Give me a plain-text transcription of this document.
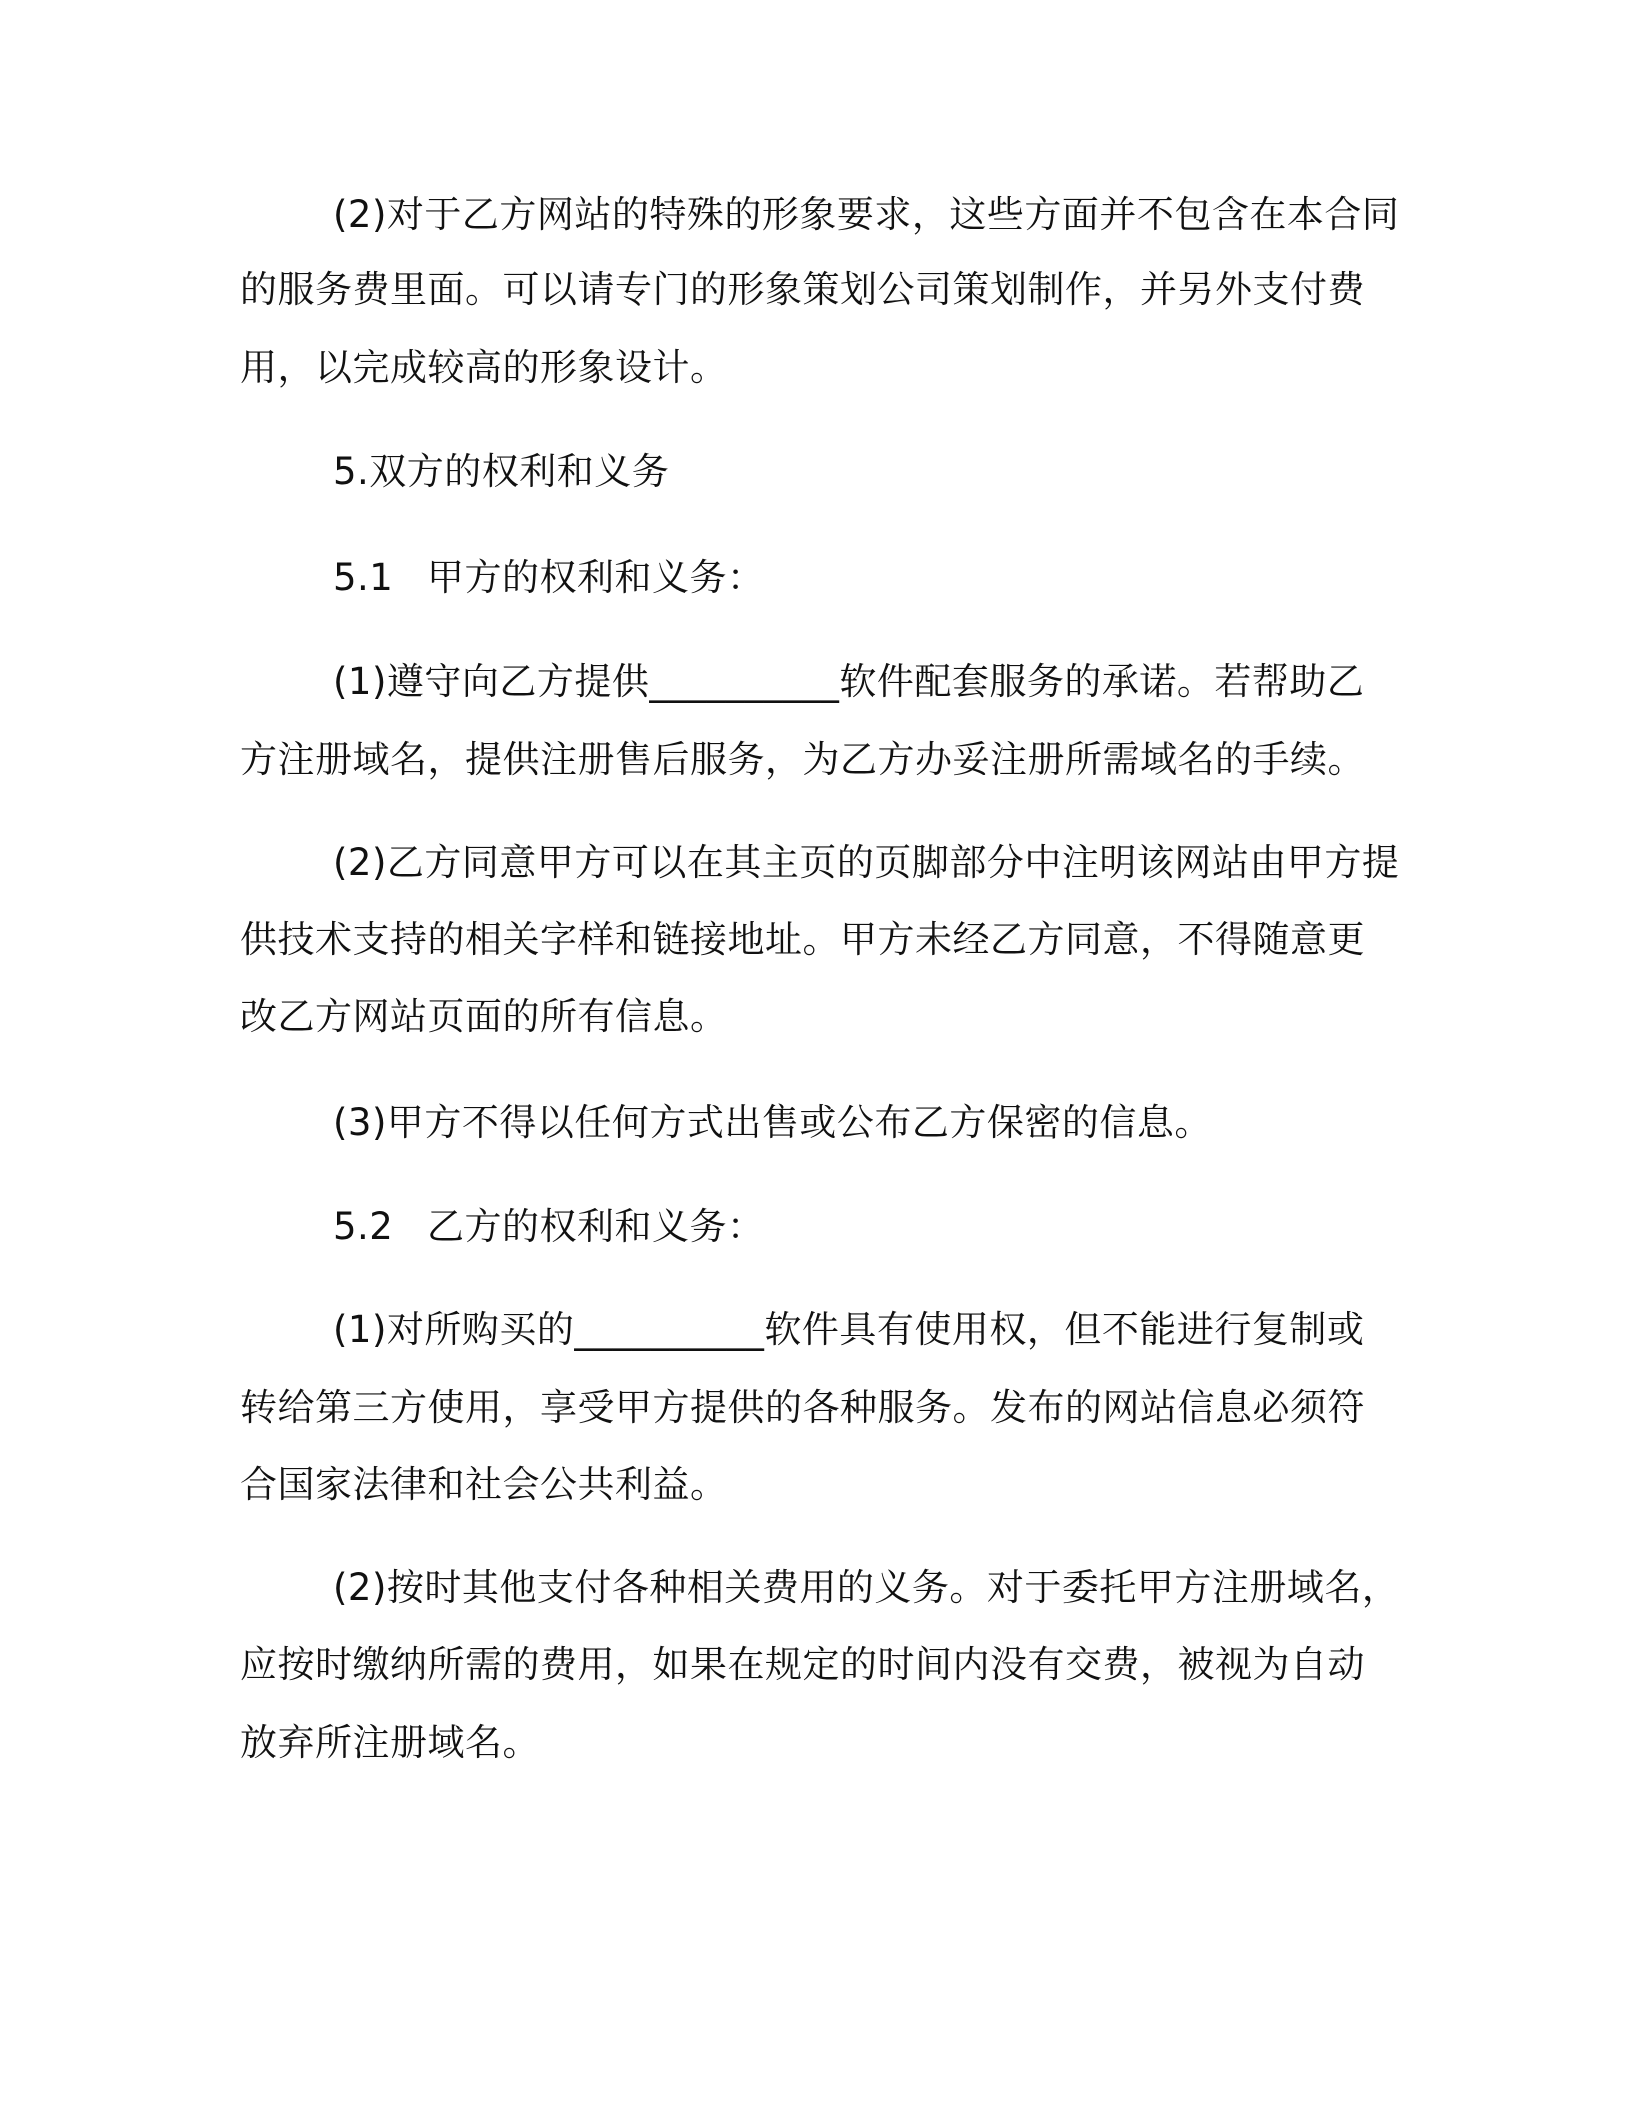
(2)对于乙方网站的特殊的形象要求，这些方面并不包含在本合同
的服务费里面。可以请专门的形象策划公司策划制作，并另外支付费
用，以完成较高的形象设计。
5.双方的权利和义务
5.1 甲方的权利和义务：
(1)遵守向乙方提供__________软件配套服务的承诺。若帮助乙
方注册域名，提供注册售后服务，为乙方办妥注册所需域名的手续。
(2)乙方同意甲方可以在其主页的页脚部分中注明该网站由甲方提
供技术支持的相关字样和链接地址。甲方未经乙方同意，不得随意更
改乙方网站页面的所有信息。
(3)甲方不得以任何方式出售或公布乙方保密的信息。
5.2 乙方的权利和义务：
(1)对所购买的__________软件具有使用权，但不能进行复制或
转给第三方使用，享受甲方提供的各种服务。发布的网站信息必须符
合国家法律和社会公共利益。
(2)按时其他支付各种相关费用的义务。对于委托甲方注册域名，
应按时缴纳所需的费用，如果在规定的时间内没有交费，被视为自动
放弃所注册域名。
